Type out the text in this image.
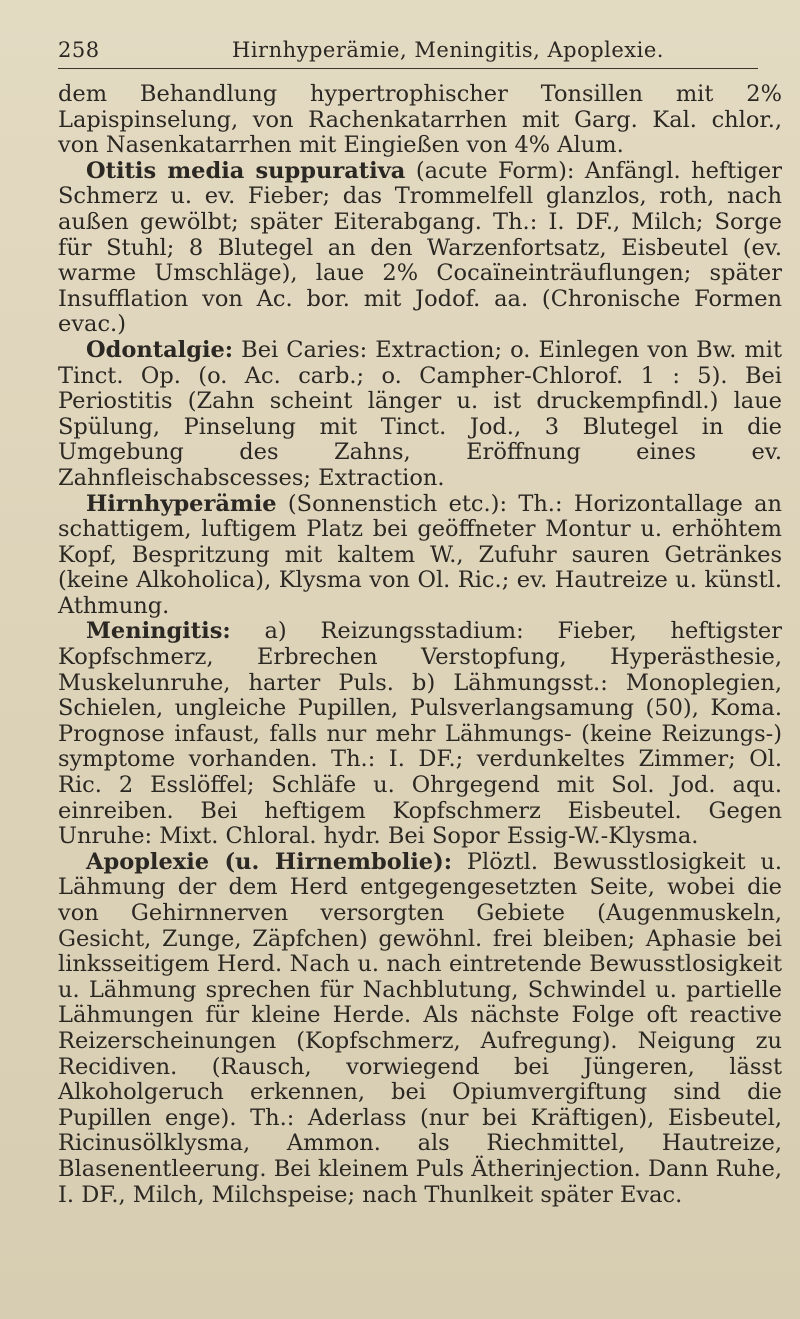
258	Hirnhyperämie, Meningitis, Apoplexie.

dem Behandlung hypertrophischer Tonsillen mit 2% Lapispinselung, von Rachenkatarrhen mit Garg. Kal. chlor., von Nasenkatarrhen mit Eingießen von 4% Alum.

Otitis media suppurativa (acute Form): Anfängl. heftiger Schmerz u. ev. Fieber; das Trommelfell glanzlos, roth, nach außen gewölbt; später Eiterabgang. Th.: I. DF., Milch; Sorge für Stuhl; 8 Blutegel an den Warzenfortsatz, Eisbeutel (ev. warme Umschläge), laue 2% Cocaïneinträuflungen; später Insufflation von Ac. bor. mit Jodof. aa. (Chronische Formen evac.)

Odontalgie: Bei Caries: Extraction; o. Einlegen von Bw. mit Tinct. Op. (o. Ac. carb.; o. Campher-Chlorof. 1 : 5). Bei Periostitis (Zahn scheint länger u. ist druckempfindl.) laue Spülung, Pinselung mit Tinct. Jod., 3 Blutegel in die Umgebung des Zahns, Eröffnung eines ev. Zahnfleischabscesses; Extraction.

Hirnhyperämie (Sonnenstich etc.): Th.: Horizontallage an schattigem, luftigem Platz bei geöffneter Montur u. erhöhtem Kopf, Bespritzung mit kaltem W., Zufuhr sauren Getränkes (keine Alkoholica), Klysma von Ol. Ric.; ev. Hautreize u. künstl. Athmung.

Meningitis: a) Reizungsstadium: Fieber, heftigster Kopfschmerz, Erbrechen Verstopfung, Hyperästhesie, Muskelunruhe, harter Puls. b) Lähmungsst.: Monoplegien, Schielen, ungleiche Pupillen, Pulsverlangsamung (50), Koma. Prognose infaust, falls nur mehr Lähmungs- (keine Reizungs-) symptome vorhanden. Th.: I. DF.; verdunkeltes Zimmer; Ol. Ric. 2 Esslöffel; Schläfe u. Ohrgegend mit Sol. Jod. aqu. einreiben. Bei heftigem Kopfschmerz Eisbeutel. Gegen Unruhe: Mixt. Chloral. hydr. Bei Sopor Essig-W.-Klysma.

Apoplexie (u. Hirnembolie): Plöztl. Bewusstlosigkeit u. Lähmung der dem Herd entgegengesetzten Seite, wobei die von Gehirnnerven versorgten Gebiete (Augenmuskeln, Gesicht, Zunge, Zäpfchen) gewöhnl. frei bleiben; Aphasie bei linksseitigem Herd. Nach u. nach eintretende Bewusstlosigkeit u. Lähmung sprechen für Nachblutung, Schwindel u. partielle Lähmungen für kleine Herde. Als nächste Folge oft reactive Reizerscheinungen (Kopfschmerz, Aufregung). Neigung zu Recidiven. (Rausch, vorwiegend bei Jüngeren, lässt Alkoholgeruch erkennen, bei Opiumvergiftung sind die Pupillen enge). Th.: Aderlass (nur bei Kräftigen), Eisbeutel, Ricinusölklysma, Ammon. als Riechmittel, Hautreize, Blasenentleerung. Bei kleinem Puls Ätherinjection. Dann Ruhe, I. DF., Milch, Milchspeise; nach Thunlkeit später Evac.
